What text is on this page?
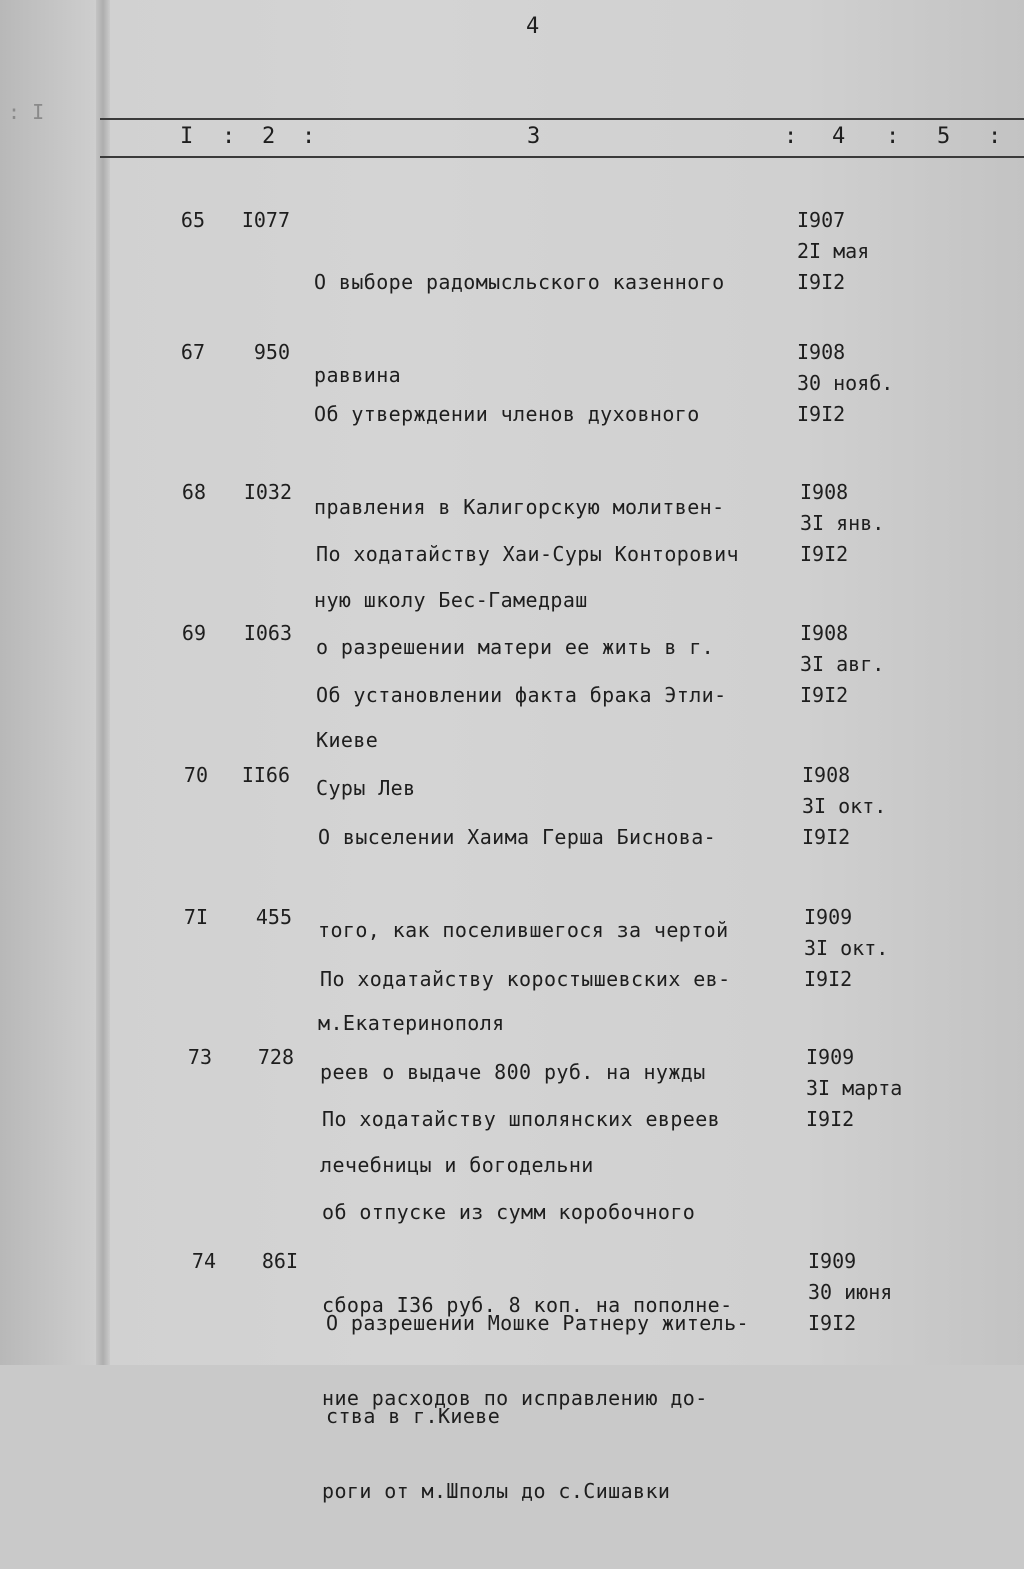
: I
4
I : 2 :	3	: 4 : 5 :
65	I077

О выборе радомысльского казенного

раввина

I907
2I мая
I9I2
67	950

Об утверждении членов духовного

правления в Калигорскую молитвен-

ную школу Бес-Гамедраш

I908
30 нояб.
I9I2
68	I032

По ходатайству Хаи-Суры Конторович

о разрешении матери ее жить в г.

Киеве

I908
3I янв.
I9I2
69	I063

Об установлении факта брака Этли-

Суры Лев

I908
3I авг.
I9I2
70	II66

О выселении Хаима Герша Бисновa-

того, как поселившегося за чертой

м.Екатеринополя

I908
3I окт.
I9I2
7I	455

По ходатайству коростышевских ев-

реев о выдаче 800 руб. на нужды

лечебницы и богодельни

I909
3I окт.
I9I2
73	728

По ходатайству шполянских евреев

об отпуске из сумм коробочного

сбора I36 руб. 8 коп. на пополне-

ние расходов по исправлению до-

роги от м.Шполы до с.Сишавки

I909
3I марта
I9I2
74	86I

О разрешении Мошке Ратнеру житель-

ства в г.Киеве

I909
30 июня
I9I2
